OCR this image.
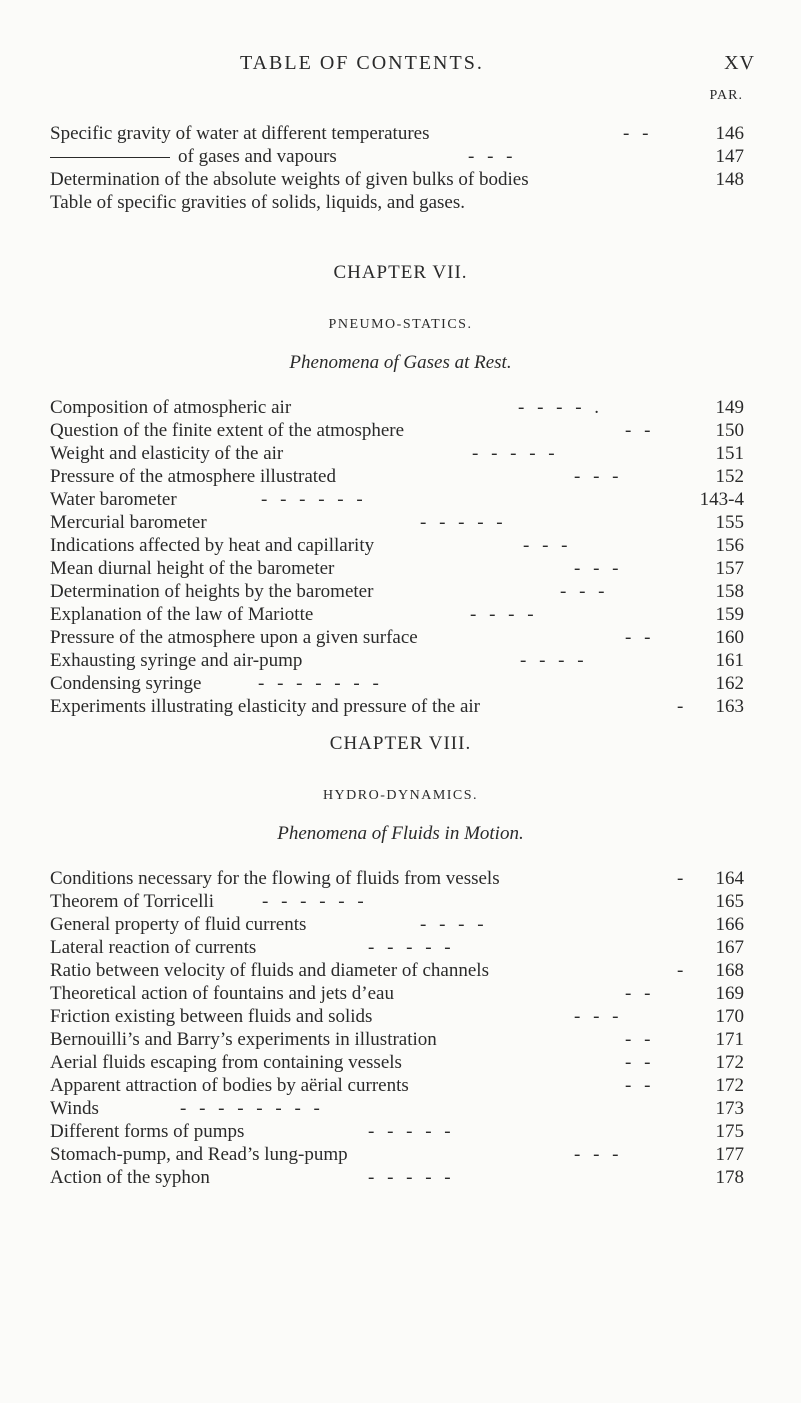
TABLE OF CONTENTS.	XV
PAR.
Specific gravity of water at different temperatures	- -	146
of gases and vapours	- - -	147
Determination of the absolute weights of given bulks of bodies	148
Table of specific gravities of solids, liquids, and gases.
CHAPTER VII.
PNEUMO-STATICS.
Phenomena of Gases at Rest.
Composition of atmospheric air	- - - - .	149
Question of the finite extent of the atmosphere	- -	150
Weight and elasticity of the air	- - - - -	151
Pressure of the atmosphere illustrated	- - -	152
Water barometer	- - - - - -	143-4
Mercurial barometer	- - - - -	155
Indications affected by heat and capillarity	- - -	156
Mean diurnal height of the barometer	- - -	157
Determination of heights by the barometer	- - -	158
Explanation of the law of Mariotte	- - - -	159
Pressure of the atmosphere upon a given surface	- -	160
Exhausting syringe and air-pump	- - - -	161
Condensing syringe	- - - - - - -	162
Experiments illustrating elasticity and pressure of the air	-	163
CHAPTER VIII.
HYDRO-DYNAMICS.
Phenomena of Fluids in Motion.
Conditions necessary for the flowing of fluids from vessels	-	164
Theorem of Torricelli	- - - - - -	165
General property of fluid currents	- - - -	166
Lateral reaction of currents	- - - - -	167
Ratio between velocity of fluids and diameter of channels	-	168
Theoretical action of fountains and jets d’eau	- -	169
Friction existing between fluids and solids	- - -	170
Bernouilli’s and Barry’s experiments in illustration	- -	171
Aerial fluids escaping from containing vessels	- -	172
Apparent attraction of bodies by aërial currents	- -	172
Winds	- - - - - - - -	173
Different forms of pumps	- - - - -	175
Stomach-pump, and Read’s lung-pump	- - -	177
Action of the syphon	- - - - -	178
